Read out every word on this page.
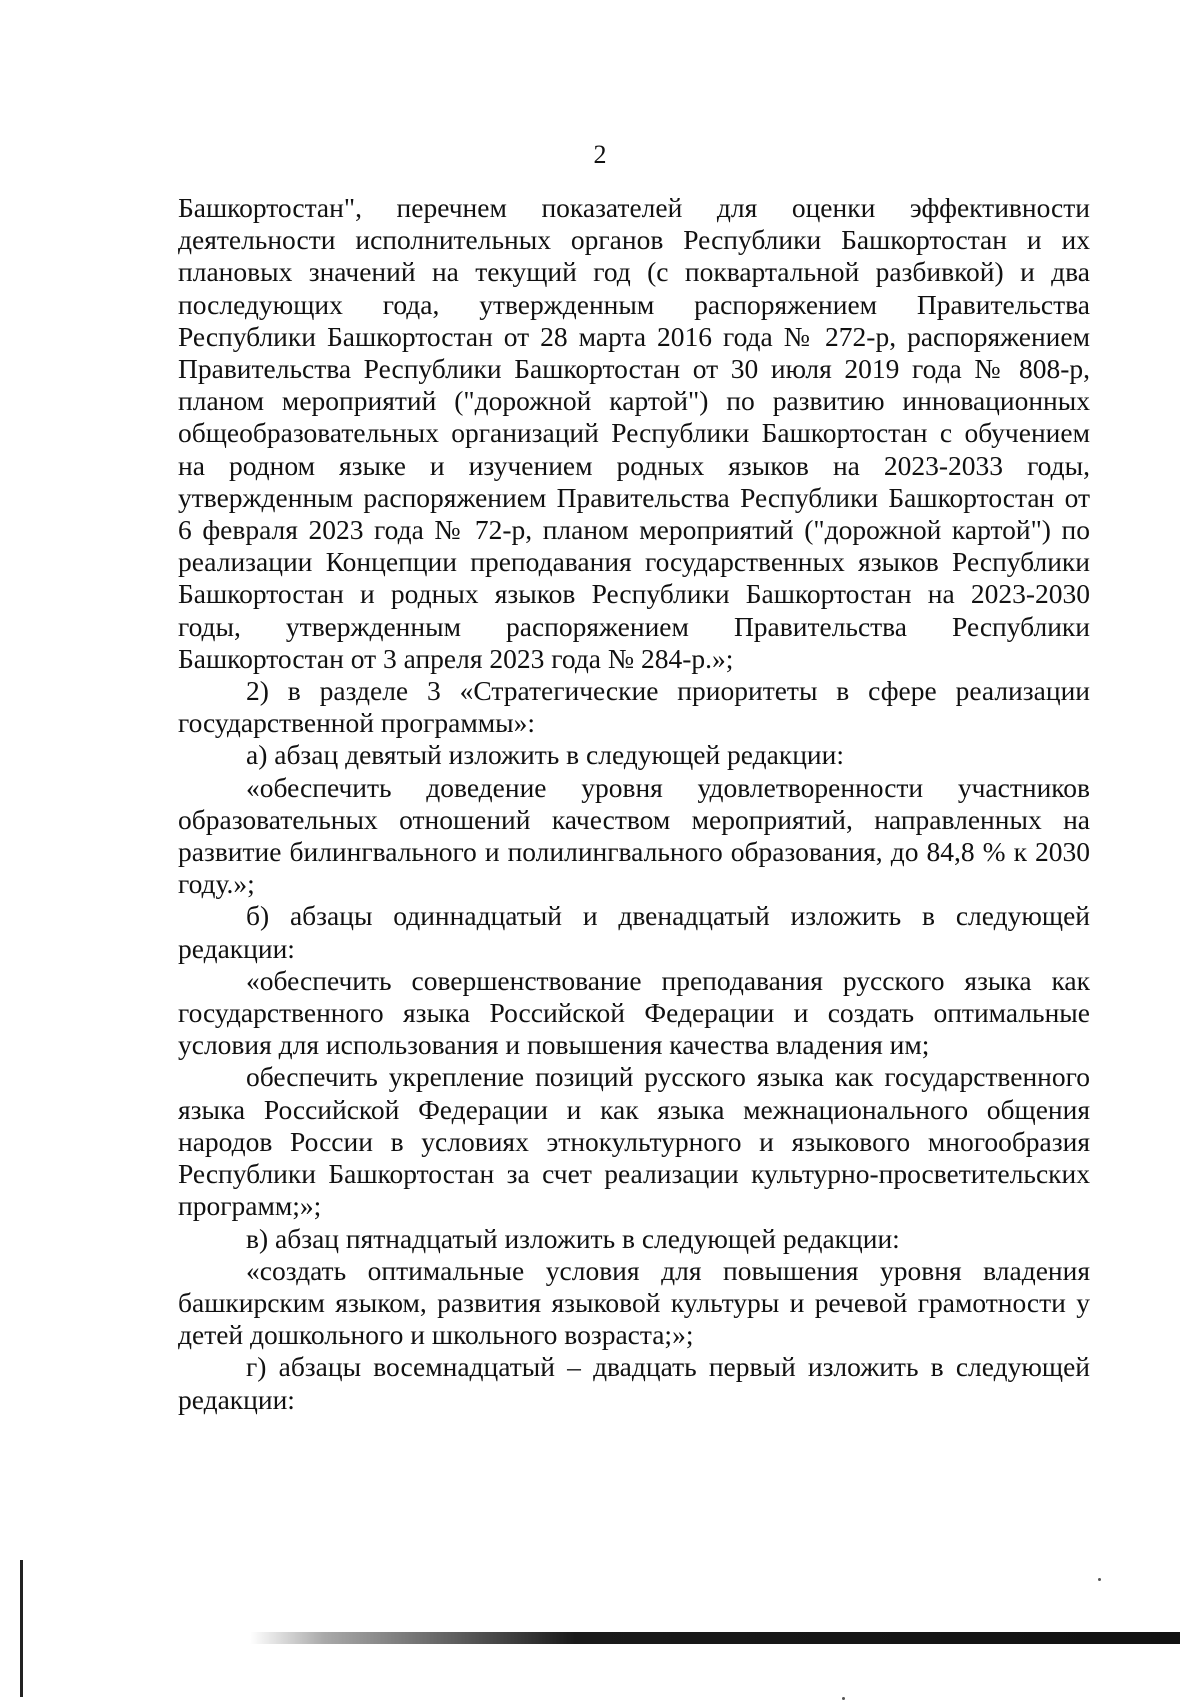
2

Башкортостан", перечнем показателей для оценки эффективности деятельности исполнительных органов Республики Башкортостан и их плановых значений на текущий год (с поквартальной разбивкой) и два последующих года, утвержденным распоряжением Правительства Республики Башкортостан от 28 марта 2016 года № 272-р, распоряжением Правительства Республики Башкортостан от 30 июля 2019 года № 808-р, планом мероприятий ("дорожной картой") по развитию инновационных общеобразовательных организаций Республики Башкортостан с обучением на родном языке и изучением родных языков на 2023-2033 годы, утвержденным распоряжением Правительства Республики Башкортостан от 6 февраля 2023 года № 72-р, планом мероприятий ("дорожной картой") по реализации Концепции преподавания государственных языков Республики Башкортостан и родных языков Республики Башкортостан на 2023-2030 годы, утвержденным распоряжением Правительства Республики Башкортостан от 3 апреля 2023 года № 284-р.»;

2) в разделе 3 «Стратегические приоритеты в сфере реализации государственной программы»:

а) абзац девятый изложить в следующей редакции:

«обеспечить доведение уровня удовлетворенности участников образовательных отношений качеством мероприятий, направленных на развитие билингвального и полилингвального образования, до 84,8 % к 2030 году.»;

б) абзацы одиннадцатый и двенадцатый изложить в следующей редакции:

«обеспечить совершенствование преподавания русского языка как государственного языка Российской Федерации и создать оптимальные условия для использования и повышения качества владения им;

обеспечить укрепление позиций русского языка как государственного языка Российской Федерации и как языка межнационального общения народов России в условиях этнокультурного и языкового многообразия Республики Башкортостан за счет реализации культурно-просветительских программ;»;

в) абзац пятнадцатый изложить в следующей редакции:

«создать оптимальные условия для повышения уровня владения башкирским языком, развития языковой культуры и речевой грамотности у детей дошкольного и школьного возраста;»;

г) абзацы восемнадцатый – двадцать первый изложить в следующей редакции:
